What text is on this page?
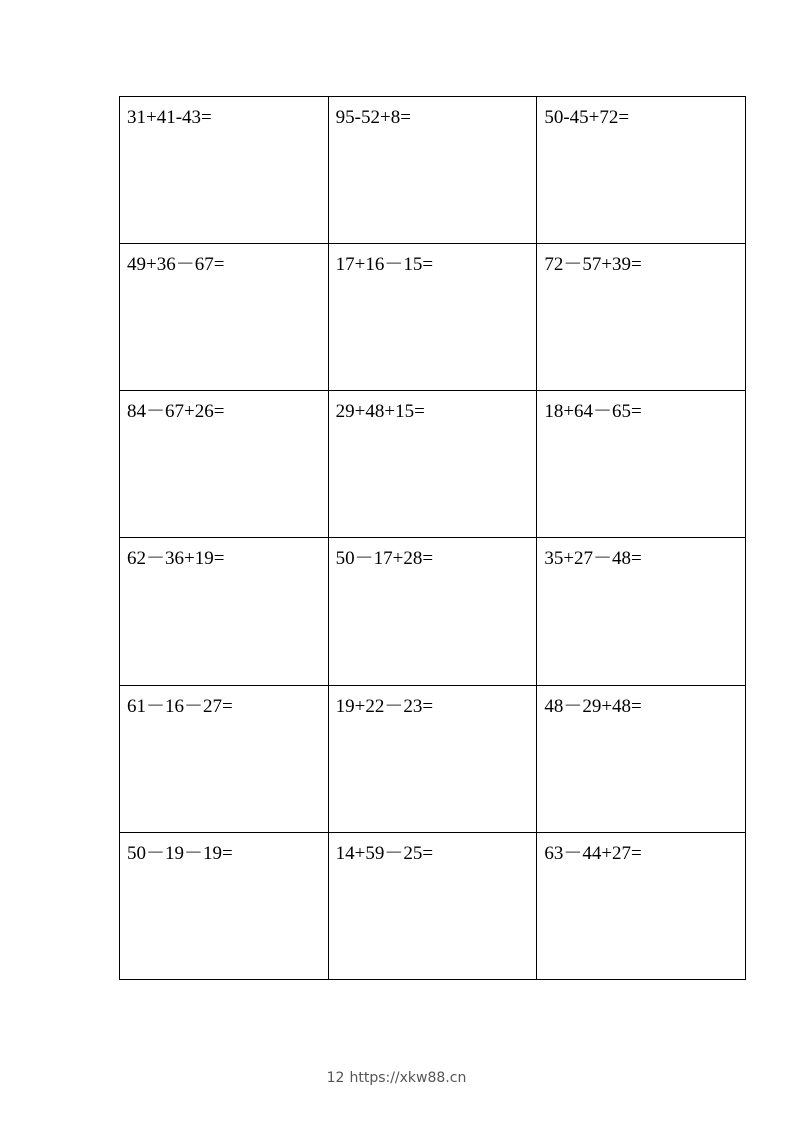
31+41-43=	95-52+8=	50-45+72=
49+36－67=	17+16－15=	72－57+39=
84－67+26=	29+48+15=	18+64－65=
62－36+19=	50－17+28=	35+27－48=
61－16－27=	19+22－23=	48－29+48=
50－19－19=	14+59－25=	63－44+27=
12 https://xkw88.cn
